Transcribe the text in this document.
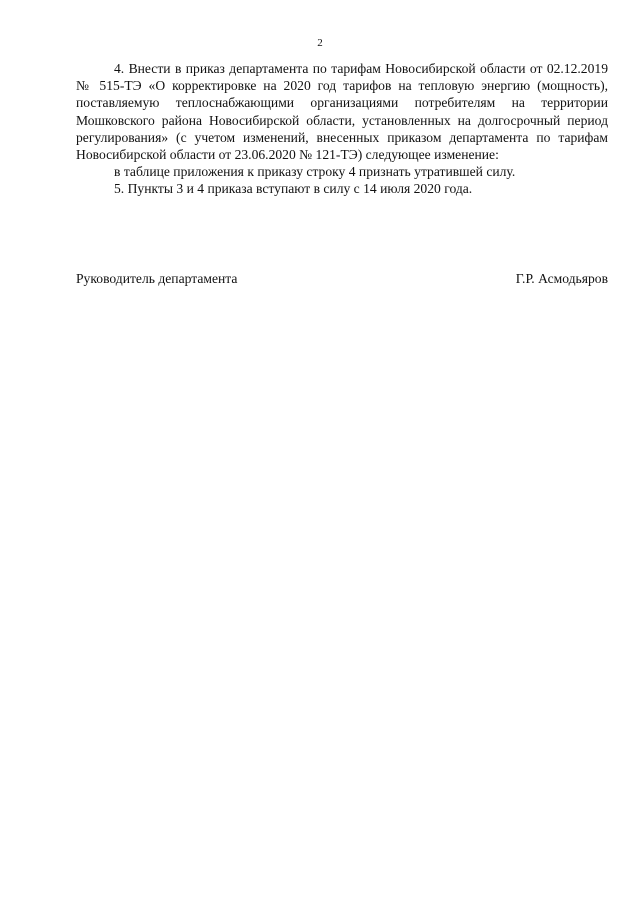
2

4. Внести в приказ департамента по тарифам Новосибирской области от 02.12.2019 № 515-ТЭ «О корректировке на 2020 год тарифов на тепловую энергию (мощность), поставляемую теплоснабжающими организациями потребителям на территории Мошковского района Новосибирской области, установленных на долгосрочный период регулирования» (с учетом изменений, внесенных приказом департамента по тарифам Новосибирской области от 23.06.2020 № 121-ТЭ) следующее изменение:

в таблице приложения к приказу строку 4 признать утратившей силу.

5. Пункты 3 и 4 приказа вступают в силу с 14 июля 2020 года.

Руководитель департамента	Г.Р. Асмодьяров
